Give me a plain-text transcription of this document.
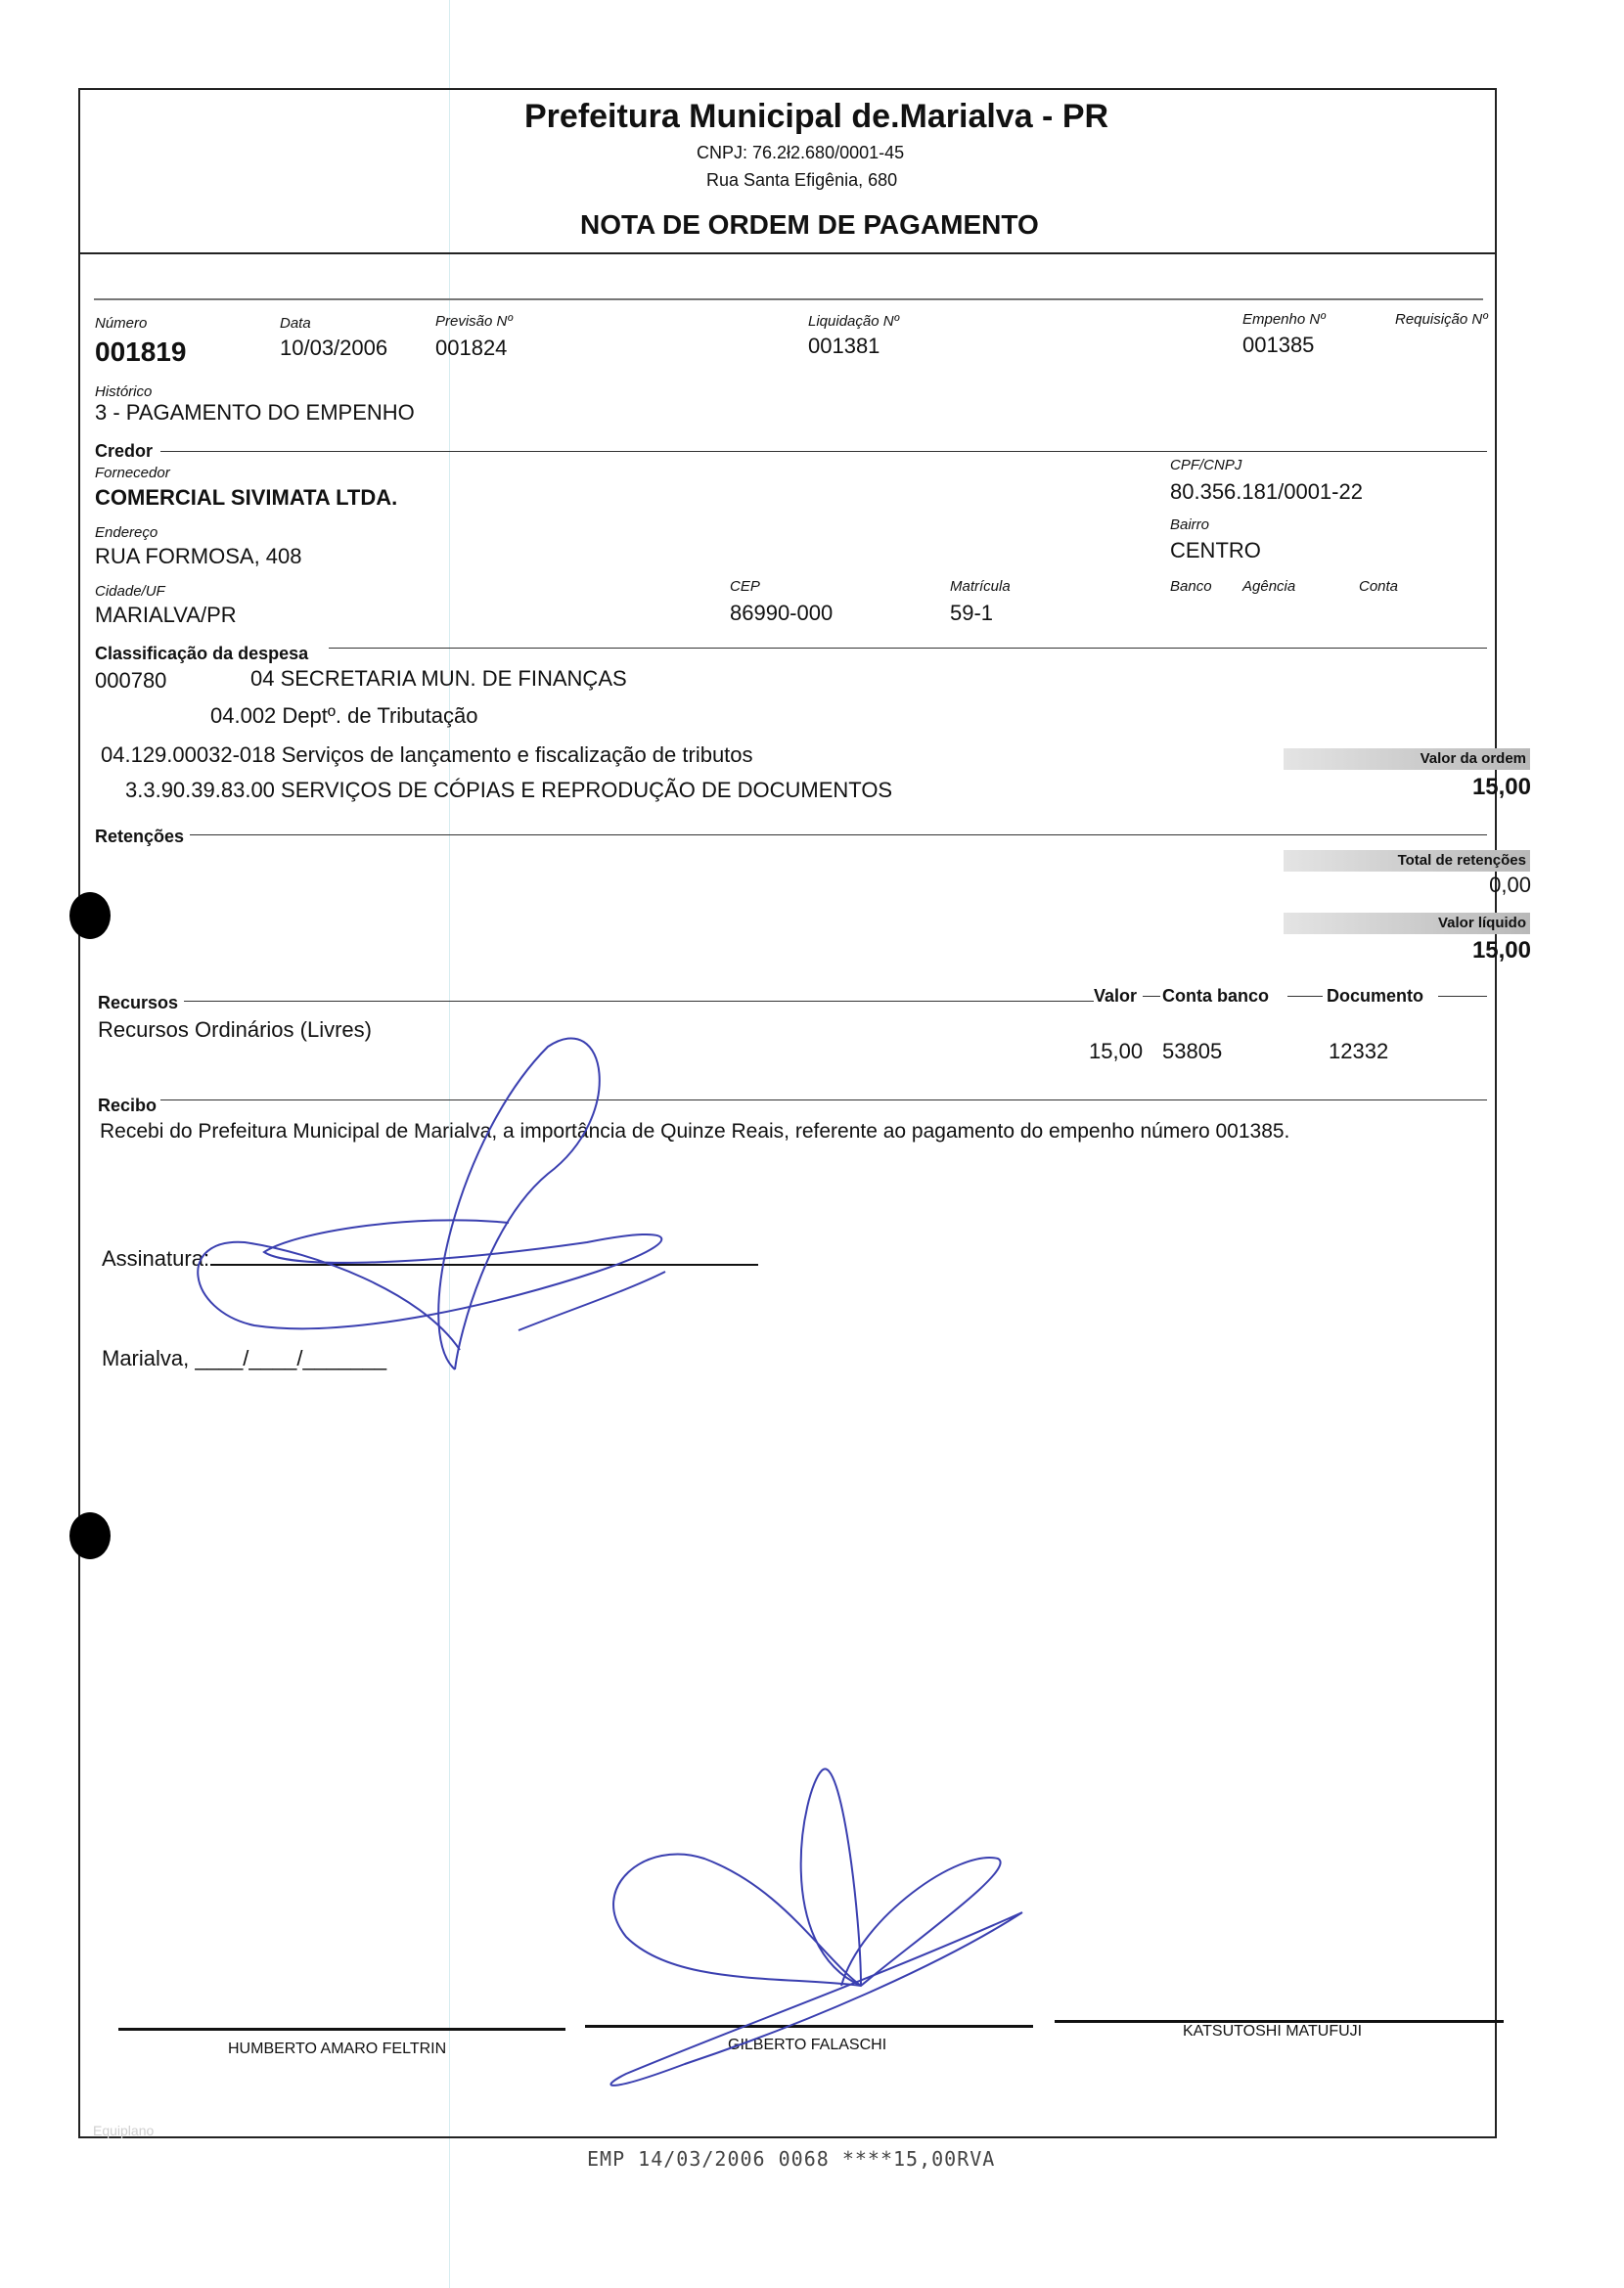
Prefeitura Municipal de.Marialva - PR
CNPJ: 76.2ł2.680/0001-45
Rua Santa Efigênia, 680
NOTA DE ORDEM DE PAGAMENTO
Número
001819
Data
10/03/2006
Previsão Nº
001824
Liquidação Nº
001381
Empenho Nº
001385
Requisição Nº
Histórico
3 - PAGAMENTO DO EMPENHO
Credor
Fornecedor
COMERCIAL SIVIMATA LTDA.
CPF/CNPJ
80.356.181/0001-22
Endereço
RUA FORMOSA, 408
Bairro
CENTRO
Cidade/UF
MARIALVA/PR
CEP
86990-000
Matrícula
59-1
Banco Agência	Conta
Classificação da despesa
000780	04 SECRETARIA MUN. DE FINANÇAS
04.002 Deptº. de Tributação
04.129.00032-018 Serviços de lançamento e fiscalização de tributos
3.3.90.39.83.00 SERVIÇOS DE CÓPIAS E REPRODUÇÃO DE DOCUMENTOS
Valor da ordem
15,00
Retenções
Total de retenções
0,00
Valor líquido
15,00
Recursos	Valor Conta banco	Documento
Recursos Ordinários (Livres)
15,00 53805	12332
Recibo
Recebi do Prefeitura Municipal de Marialva, a importância de Quinze Reais, referente ao pagamento do empenho número 001385.
Assinatura:
Marialva, ____/____/_______
HUMBERTO AMARO FELTRIN	GILBERTO FALASCHI
KATSUTOSHI MATUFUJI
Equiplano
EMP 14/03/2006 0068 ****15,00RVA
